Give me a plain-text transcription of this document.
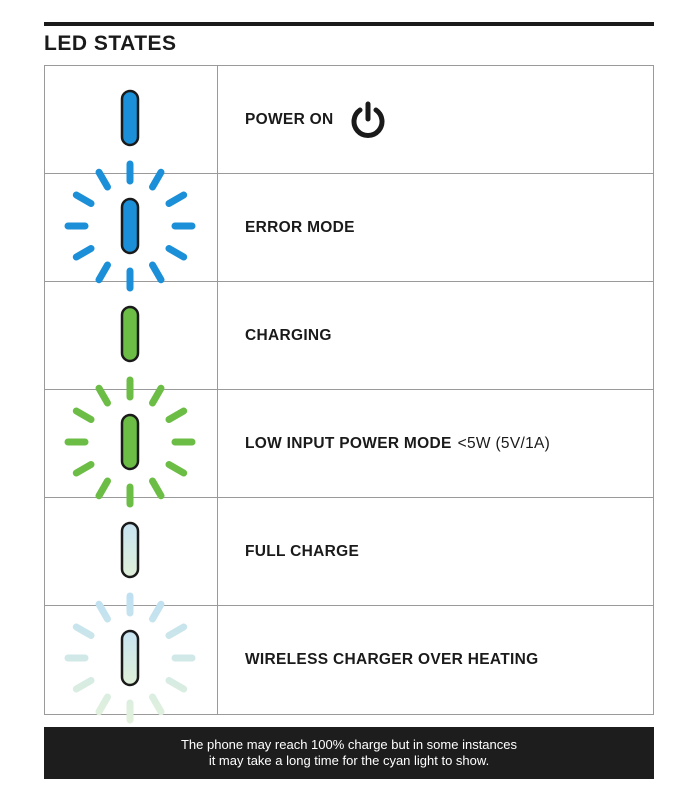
LED STATES
POWER ON
ERROR MODE
CHARGING
LOW INPUT POWER MODE <5W (5V/1A)
FULL CHARGE
WIRELESS CHARGER OVER HEATING
The phone may reach 100% charge but in some instances
it may take a long time for the cyan light to show.
